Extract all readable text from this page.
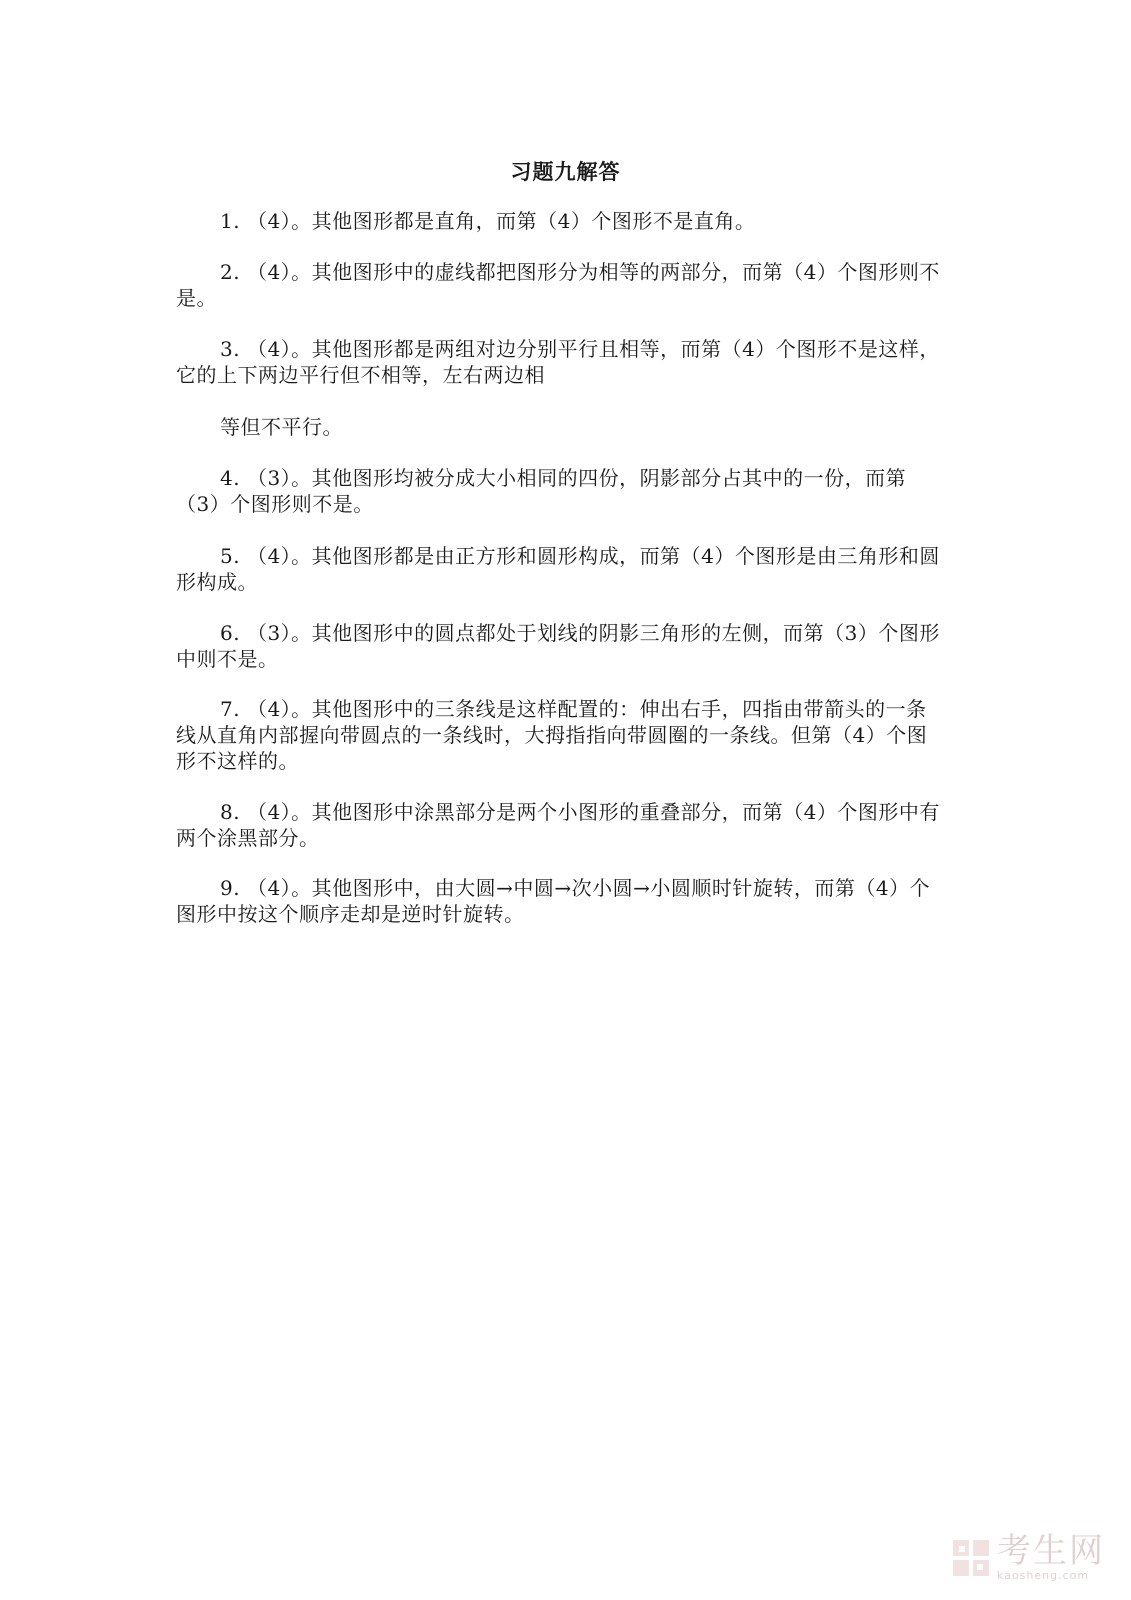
习题九解答
1. （4）。其他图形都是直角，而第（4）个图形不是直角。
2. （4）。其他图形中的虚线都把图形分为相等的两部分，而第（4）个图形则不是。
3. （4）。其他图形都是两组对边分别平行且相等，而第（4）个图形不是这样，它的上下两边平行但不相等，左右两边相
等但不平行。
4. （3）。其他图形均被分成大小相同的四份，阴影部分占其中的一份，而第（3）个图形则不是。
5. （4）。其他图形都是由正方形和圆形构成，而第（4）个图形是由三角形和圆形构成。
6. （3）。其他图形中的圆点都处于划线的阴影三角形的左侧，而第（3）个图形中则不是。
7. （4）。其他图形中的三条线是这样配置的：伸出右手，四指由带箭头的一条线从直角内部握向带圆点的一条线时，大拇指指向带圆圈的一条线。但第（4）个图形不这样的。
8. （4）。其他图形中涂黑部分是两个小图形的重叠部分，而第（4）个图形中有两个涂黑部分。
9. （4）。其他图形中，由大圆→中圆→次小圆→小圆顺时针旋转，而第（4）个图形中按这个顺序走却是逆时针旋转。
考生网
kaosheng.com
